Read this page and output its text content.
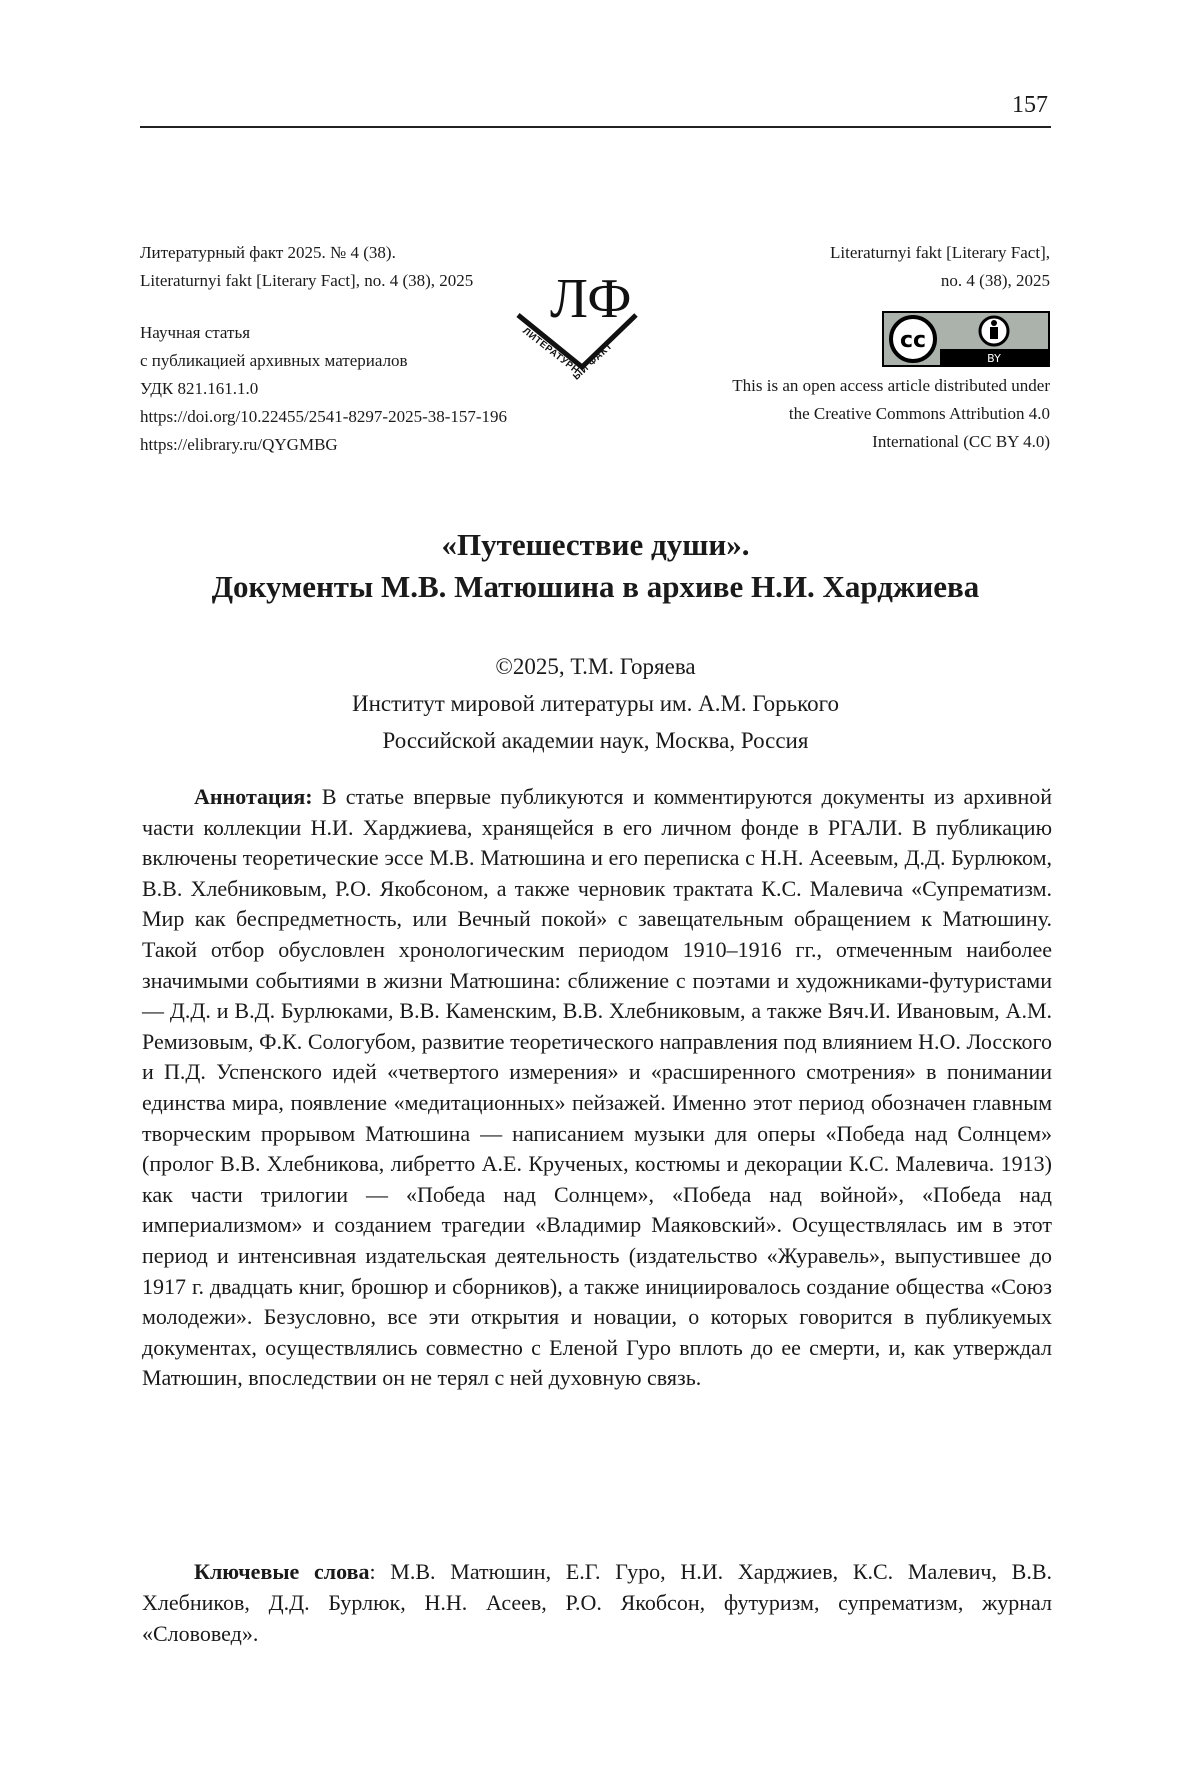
157
Литературный факт 2025. № 4 (38).
Literaturnyi fakt [Literary Fact], no. 4 (38), 2025
Научная статья
с публикацией архивных материалов
УДК 821.161.1.0
https://doi.org/10.22455/2541-8297-2025-38-157-196
https://elibrary.ru/QYGMBG
ЛФ
ЛИТЕРАТУРНЫЙ ФАКТ
Literaturnyi fakt [Literary Fact],
no. 4 (38), 2025
cc
BY
This is an open access article distributed under
the Creative Commons Attribution 4.0
International (CC BY 4.0)
«Путешествие души».
Документы М.В. Матюшина в архиве Н.И. Харджиева
©2025, Т.М. Горяева
Институт мировой литературы им. А.М. Горького
Российской академии наук, Москва, Россия
Аннотация: В статье впервые публикуются и комментируются документы из архивной части коллекции Н.И. Харджиева, хранящейся в его личном фонде в РГАЛИ. В публикацию включены теоретические эссе М.В. Матюшина и его переписка с Н.Н. Асеевым, Д.Д. Бурлюком, В.В. Хлебниковым, Р.О. Якобсоном, а также черновик трактата К.С. Малевича «Супрематизм. Мир как беспредметность, или Вечный покой» с завещательным обращением к Матюшину. Такой отбор обусловлен хронологическим периодом 1910–1916 гг., отмеченным наиболее значимыми событиями в жизни Матюшина: сближение с поэтами и художниками-футуристами — Д.Д. и В.Д. Бурлюками, В.В. Каменским, В.В. Хлебниковым, а также Вяч.И. Ивановым, А.М. Ремизовым, Ф.К. Сологубом, развитие теоретического направления под влиянием Н.О. Лосского и П.Д. Успенского идей «четвертого измерения» и «расширенного смотрения» в понимании единства мира, появление «медитационных» пейзажей. Именно этот период обозначен главным творческим прорывом Матюшина — написанием музыки для оперы «Победа над Солнцем» (пролог В.В. Хлебникова, либретто А.Е. Крученых, костюмы и декорации К.С. Малевича. 1913) как части трилогии — «Победа над Солнцем», «Победа над войной», «Победа над империализмом» и созданием трагедии «Владимир Маяковский». Осуществлялась им в этот период и интенсивная издательская деятельность (издательство «Журавель», выпустившее до 1917 г. двадцать книг, брошюр и сборников), а также инициировалось создание общества «Союз молодежи». Безусловно, все эти открытия и новации, о которых говорится в публикуемых документах, осуществлялись совместно с Еленой Гуро вплоть до ее смерти, и, как утверждал Матюшин, впоследствии он не терял с ней духовную связь.
Ключевые слова: М.В. Матюшин, Е.Г. Гуро, Н.И. Харджиев, К.С. Малевич, В.В. Хлебников, Д.Д. Бурлюк, Н.Н. Асеев, Р.О. Якобсон, футуризм, супрематизм, журнал «Слововед».
